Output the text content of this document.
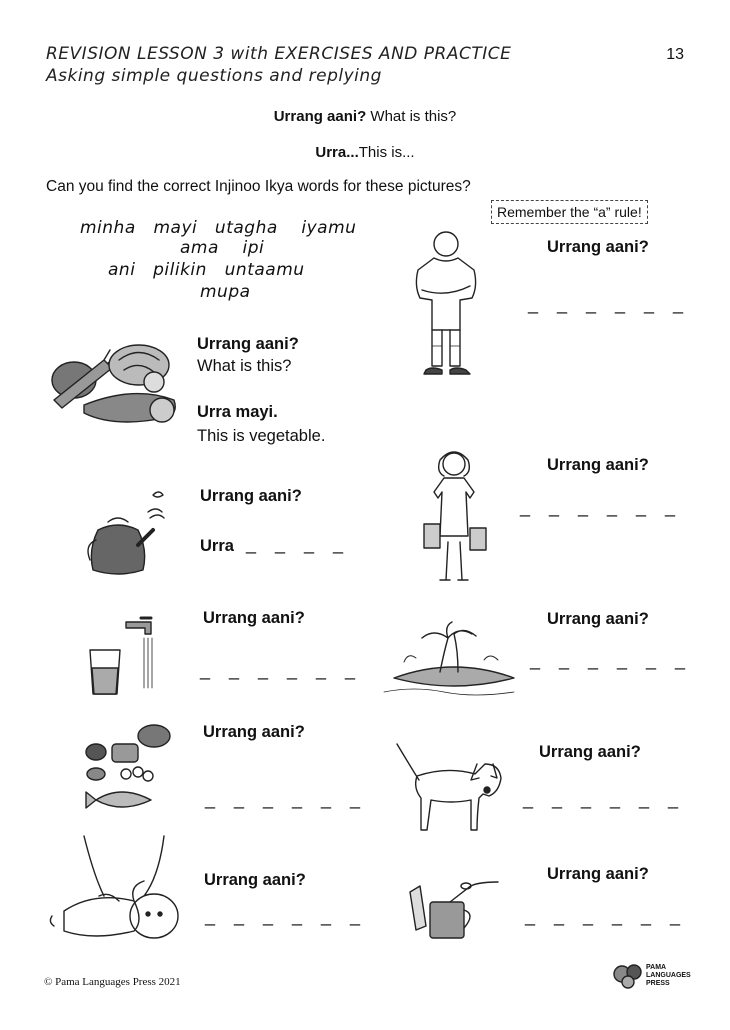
REVISION LESSON 3 with EXERCISES AND PRACTICE
Asking simple questions and replying
13
Urrang aani? What is this?
Urra...This is...
Can you find the correct Injinoo Ikya words for these pictures?
Remember the “a” rule!
minha   mayi   utagha    iyamu
ama    ipi
ani   pilikin   untaamu
mupa
Urrang aani?
What is this?
Urra mayi.
This is vegetable.
Urrang aani?
Urra _ _ _ _
Urrang aani?
_ _ _ _ _ _
Urrang aani?
_ _ _ _ _ _
Urrang aani?
_ _ _ _ _ _
Urrang aani?
_ _ _ _ _ _
Urrang aani?
_ _ _ _ _ _
Urrang aani?
_ _ _ _ _ _
Urrang aani?
_ _ _ _ _ _
Urrang aani?
_ _ _ _ _ _
© Pama Languages Press 2021
PAMA
LANGUAGES
PRESS
